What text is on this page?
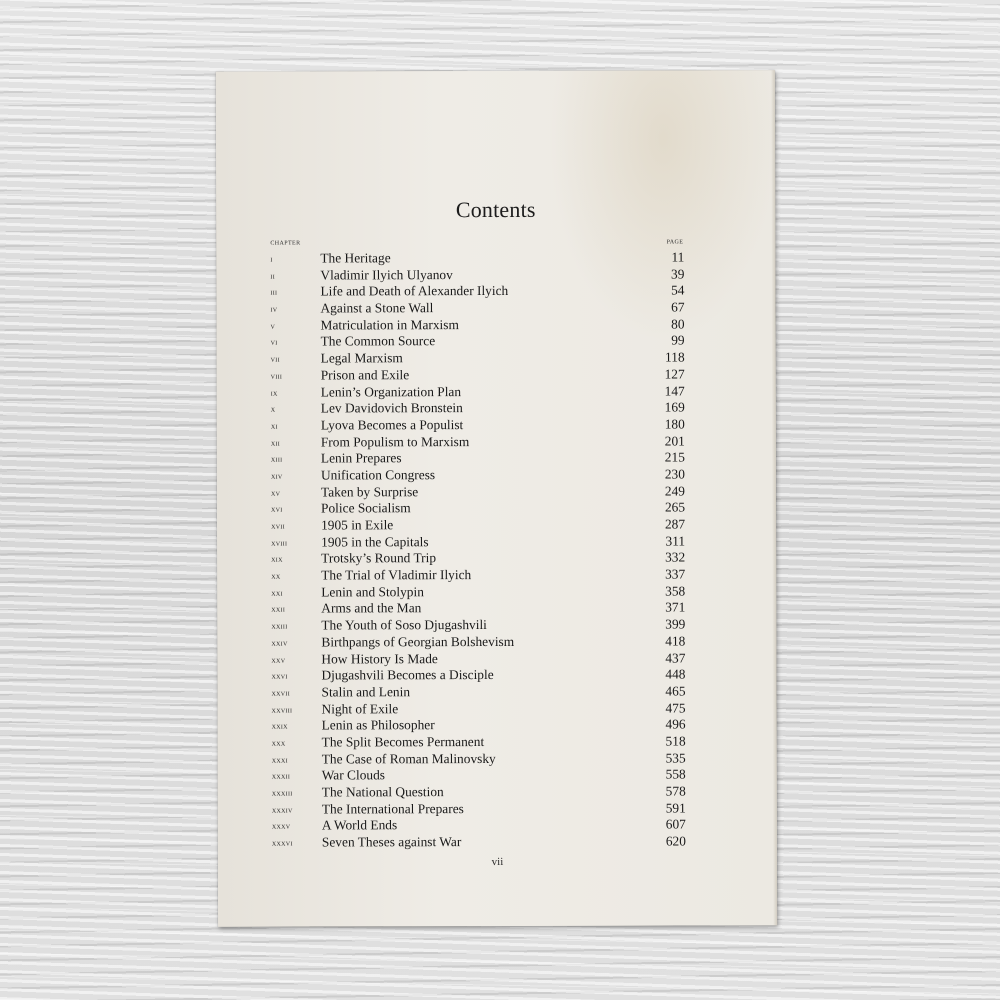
​
​	Contents
CHAPTER	PAGE
i	The Heritage	11
ii	Vladimir Ilyich Ulyanov	39
iii	Life and Death of Alexander Ilyich	54
iv	Against a Stone Wall	67
v	Matriculation in Marxism	80
vi	The Common Source	99
vii	Legal Marxism	118
viii	Prison and Exile	127
ix	Lenin’s Organization Plan	147
x	Lev Davidovich Bronstein	169
xi	Lyova Becomes a Populist	180
xii	From Populism to Marxism	201
xiii	Lenin Prepares	215
xiv	Unification Congress	230
xv	Taken by Surprise	249
xvi	Police Socialism	265
xvii	1905 in Exile	287
xviii	1905 in the Capitals	311
xix	Trotsky’s Round Trip	332
xx	The Trial of Vladimir Ilyich	337
xxi	Lenin and Stolypin	358
xxii	Arms and the Man	371
xxiii	The Youth of Soso Djugashvili	399
xxiv	Birthpangs of Georgian Bolshevism	418
xxv	How History Is Made	437
xxvi	Djugashvili Becomes a Disciple	448
xxvii	Stalin and Lenin	465
xxviii	Night of Exile	475
xxix	Lenin as Philosopher	496
xxx	The Split Becomes Permanent	518
xxxi	The Case of Roman Malinovsky	535
xxxii	War Clouds	558
xxxiii	The National Question	578
xxxiv	The International Prepares	591
xxxv	A World Ends	607
xxxvi	Seven Theses against War	620
vii
